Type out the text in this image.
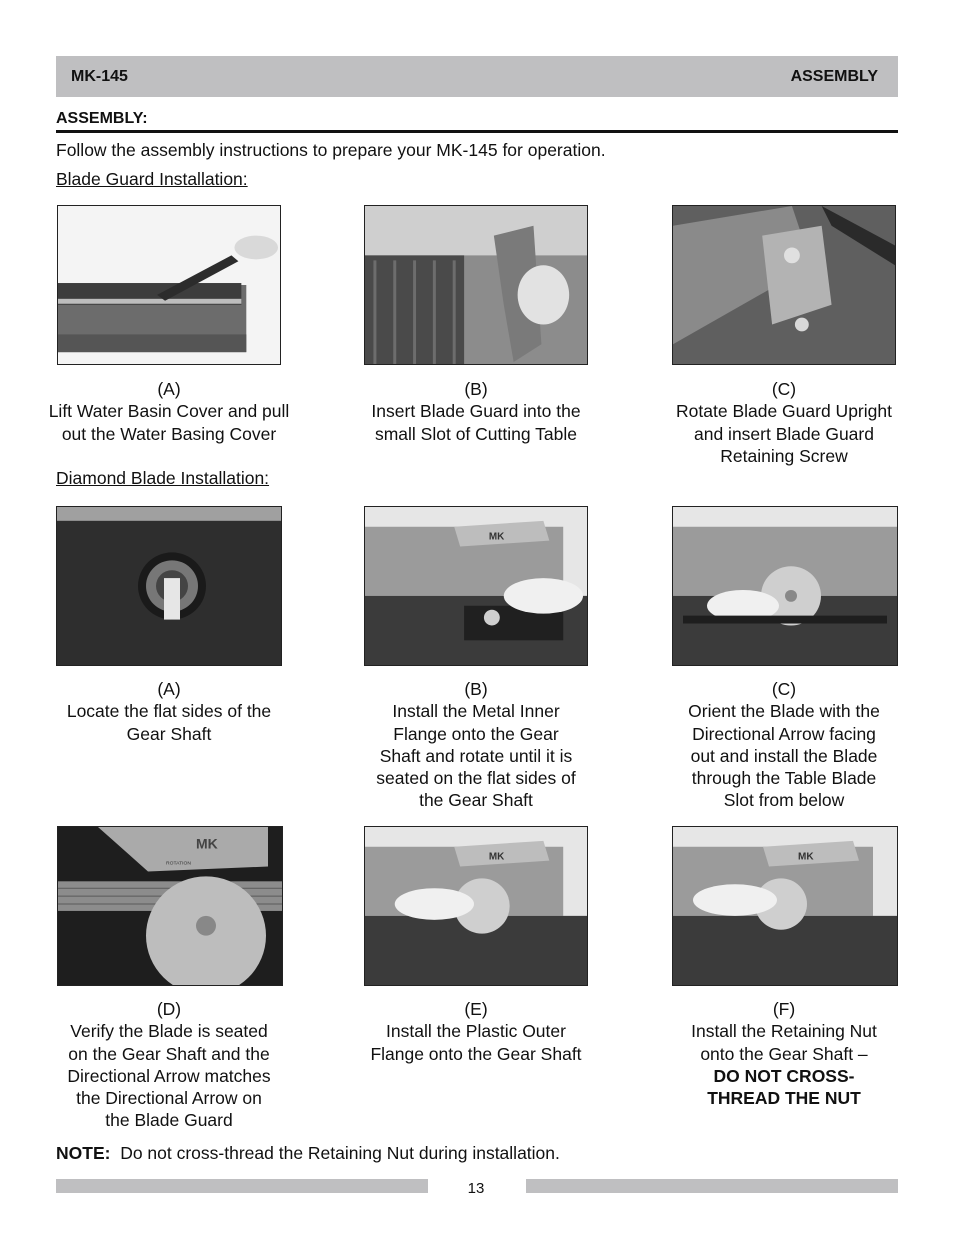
MK-145	ASSEMBLY
ASSEMBLY:
Follow the assembly instructions to prepare your MK-145 for operation.
Blade Guard Installation:
(A)
Lift Water Basin Cover and pull
out the Water Basing Cover
(B)
Insert Blade Guard into the
small Slot of Cutting Table
(C)
Rotate Blade Guard Upright
and insert Blade Guard
Retaining Screw
Diamond Blade Installation:
MK
(A)
Locate the flat sides of the
Gear Shaft
(B)
Install the Metal Inner
Flange onto the Gear
Shaft and rotate until it is
seated on the flat sides of
the Gear Shaft
(C)
Orient the Blade with the
Directional Arrow facing
out and install the Blade
through the Table Blade
Slot from below
MK
ROTATION
MK	MK
(D)
Verify the Blade is seated
on the Gear Shaft and the
Directional Arrow matches
the Directional Arrow on
the Blade Guard
(E)
Install the Plastic Outer
Flange onto the Gear Shaft
(F)
Install the Retaining Nut
onto the Gear Shaft –
DO NOT CROSS-
THREAD THE NUT
NOTE: Do not cross-thread the Retaining Nut during installation.
13
